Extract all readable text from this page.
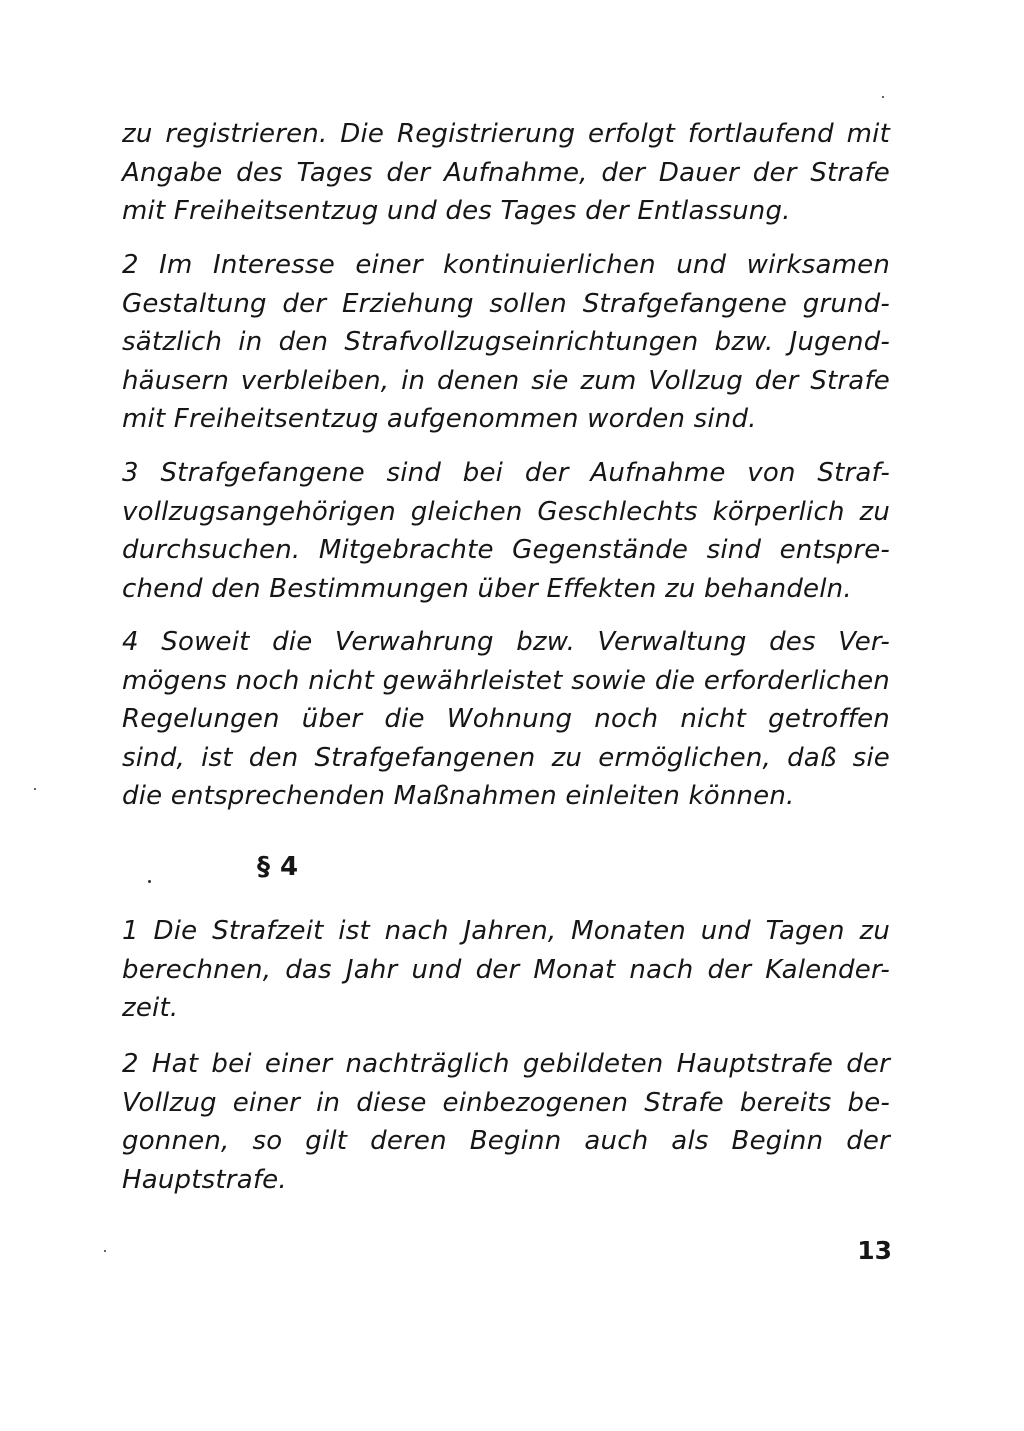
zu registrieren. Die Registrierung erfolgt fortlaufend mit
Angabe des Tages der Aufnahme, der Dauer der Strafe
mit Freiheitsentzug und des Tages der Entlassung.
2 Im Interesse einer kontinuierlichen und wirksamen
Gestaltung der Erziehung sollen Strafgefangene grund-
sätzlich in den Strafvollzugseinrichtungen bzw. Jugend-
häusern verbleiben, in denen sie zum Vollzug der Strafe
mit Freiheitsentzug aufgenommen worden sind.
3 Strafgefangene sind bei der Aufnahme von Straf-
vollzugsangehörigen gleichen Geschlechts körperlich zu
durchsuchen. Mitgebrachte Gegenstände sind entspre-
chend den Bestimmungen über Effekten zu behandeln.
4 Soweit die Verwahrung bzw. Verwaltung des Ver-
mögens noch nicht gewährleistet sowie die erforderlichen
Regelungen über die Wohnung noch nicht getroffen
sind, ist den Strafgefangenen zu ermöglichen, daß sie
die entsprechenden Maßnahmen einleiten können.
§ 4
1 Die Strafzeit ist nach Jahren, Monaten und Tagen zu
berechnen, das Jahr und der Monat nach der Kalender-
zeit.
2 Hat bei einer nachträglich gebildeten Hauptstrafe der
Vollzug einer in diese einbezogenen Strafe bereits be-
gonnen, so gilt deren Beginn auch als Beginn der
Hauptstrafe.
13
